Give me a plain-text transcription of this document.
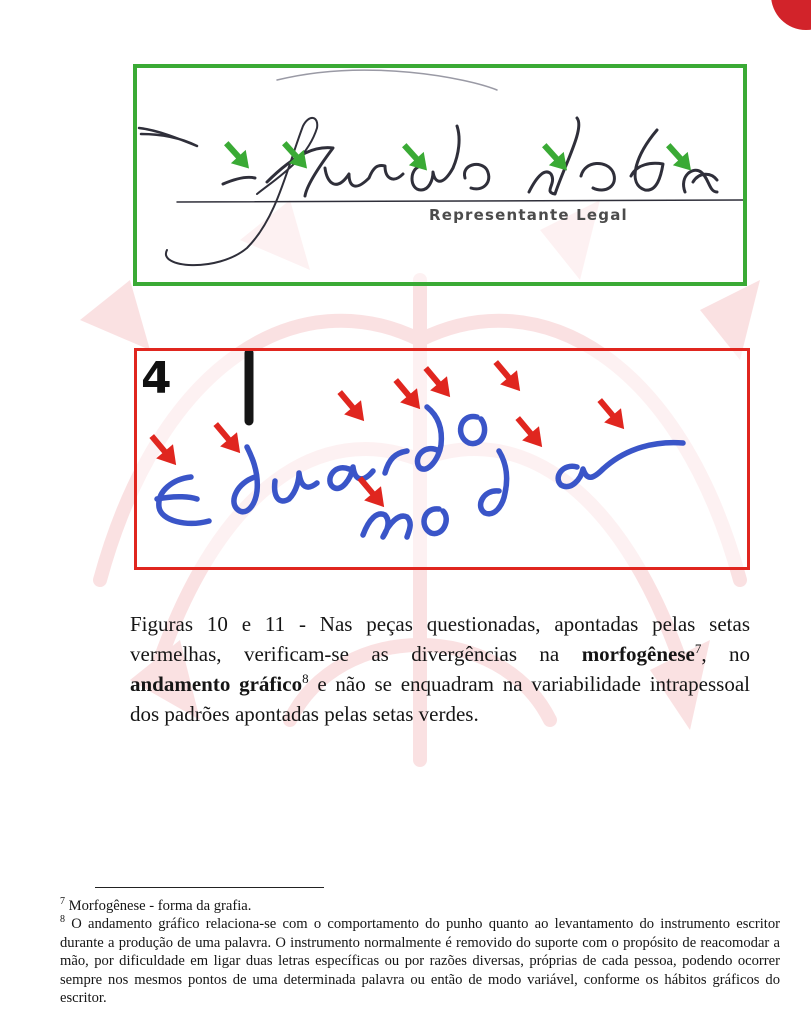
Representante Legal
4

Figuras 10 e 11 - Nas peças questionadas, apontadas pelas setas vermelhas, verificam-se as divergências na morfogênese$^7$, no andamento gráfico$^8$ e não se enquadram na variabilidade intrapessoal dos padrões apontadas pelas setas verdes.

$^7$ Morfogênese - forma da grafia.

$^8$ O andamento gráfico relaciona-se com o comportamento do punho quanto ao levantamento do instrumento escritor durante a produção de uma palavra. O instrumento normalmente é removido do suporte com o propósito de reacomodar a mão, por dificuldade em ligar duas letras específicas ou por razões diversas, próprias de cada pessoa, podendo ocorrer sempre nos mesmos pontos de uma determinada palavra ou então de modo variável, conforme os hábitos gráficos do escritor.
